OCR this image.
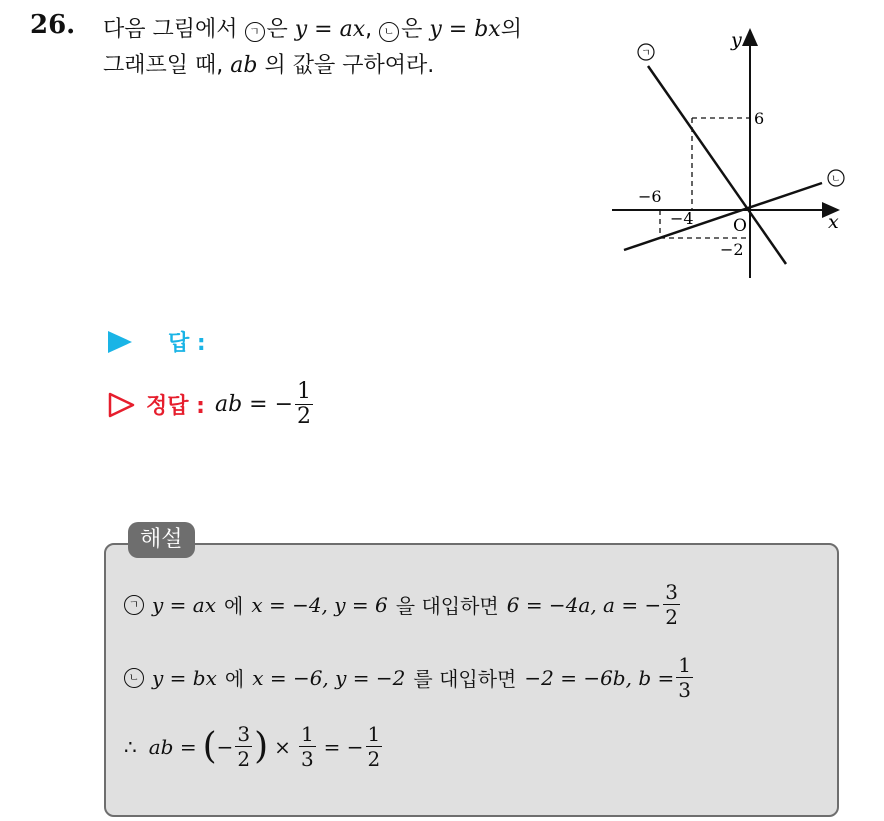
26. 다음 그림에서 ㄱ 은 y = ax, ㄴ 은 y = bx의
그래프일 때, ab 의 값을 구하여라.	ㄱ
ㄴ
y
x
O
6
−6
−4
−2
답 :
정답 : ab = − $\frac{1}{2}$
해설
ㄱ y = ax 에 x = −4, y = 6 을 대입하면 6 = −4a, a = − $\frac{3}{2}$
ㄴ y = bx 에 x = −6, y = −2 를 대입하면 −2 = −6b, $b = \frac{1}{3}$
∴ ab = ( − $\frac{3}{2}$ ) × $\frac{1}{3}$ = − $\frac{1}{2}$
